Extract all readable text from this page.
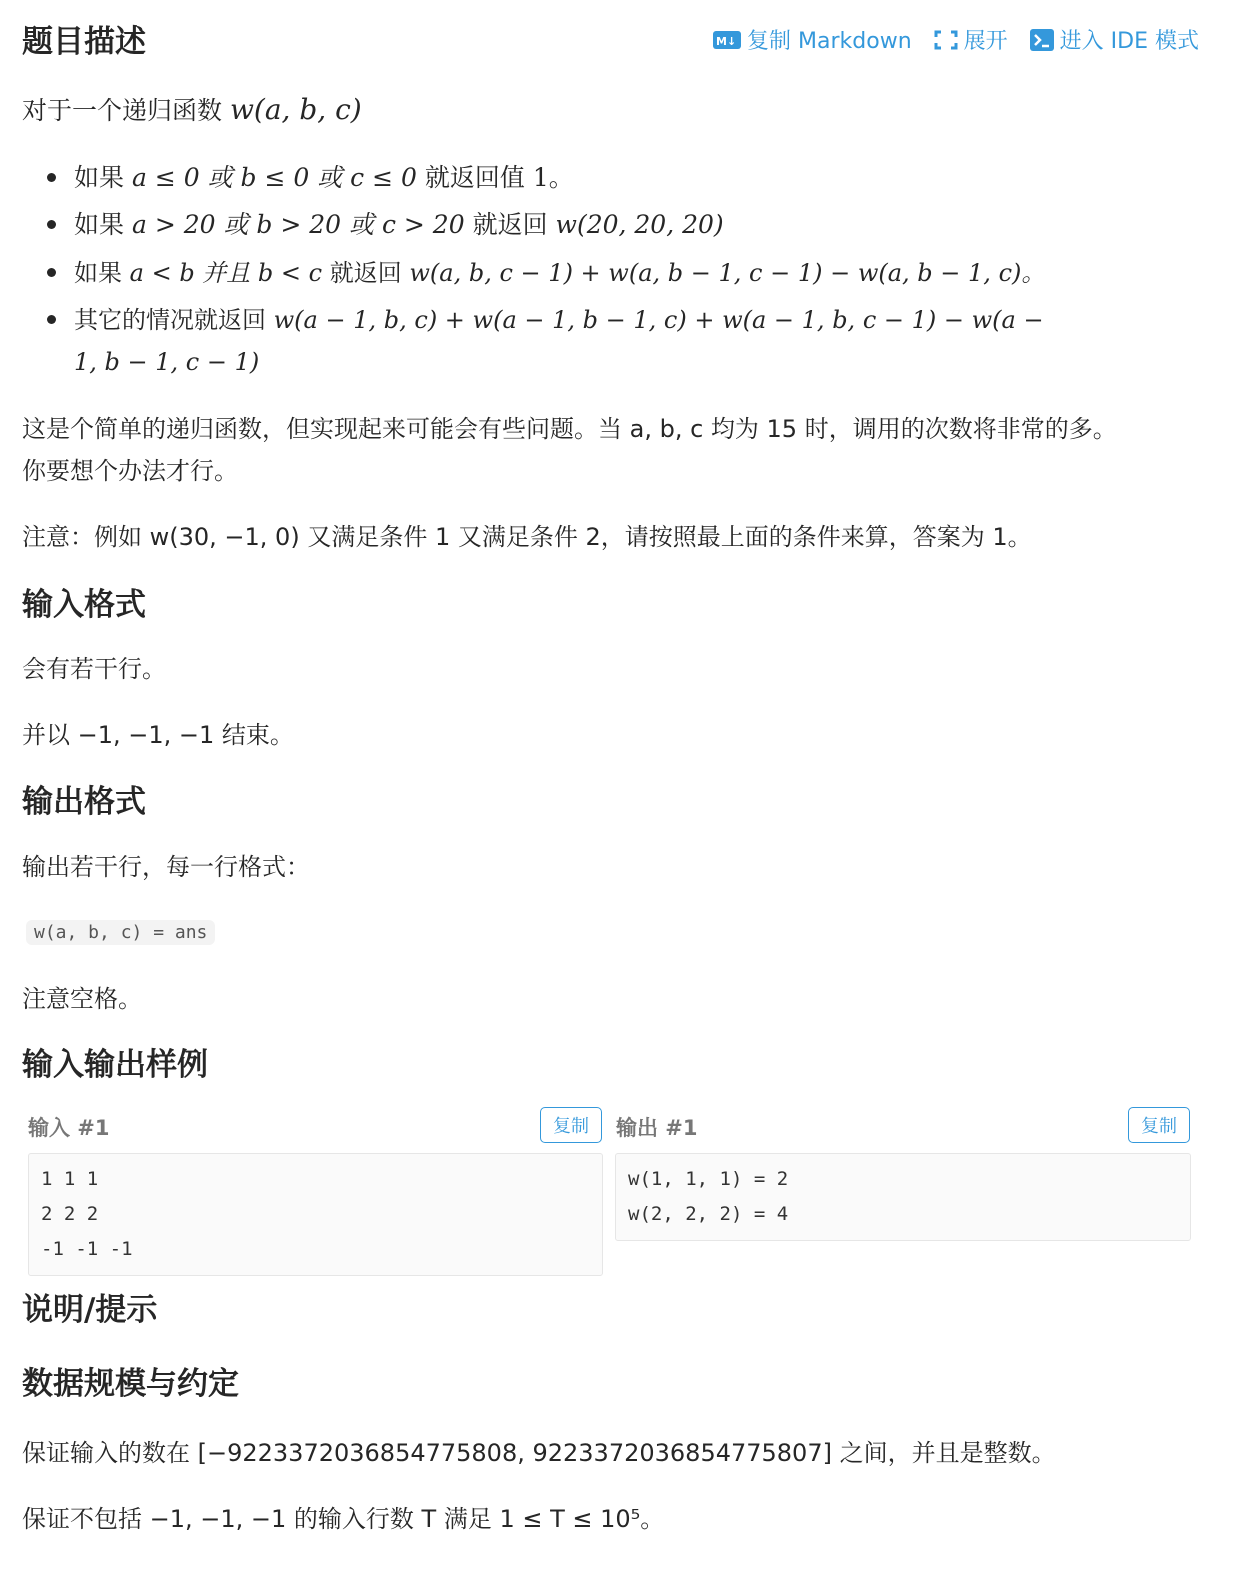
题目描述	M↓ 复制 Markdown 展开 进入 IDE 模式
对于一个递归函数 w(a, b, c)
如果 a ≤ 0 或 b ≤ 0 或 c ≤ 0 就返回值 1。
如果 a > 20 或 b > 20 或 c > 20 就返回 w(20, 20, 20)
如果 a < b 并且 b < c 就返回 w(a, b, c − 1) + w(a, b − 1, c − 1) − w(a, b − 1, c)。
其它的情况就返回 w(a − 1, b, c) + w(a − 1, b − 1, c) + w(a − 1, b, c − 1) − w(a −
1, b − 1, c − 1)
这是个简单的递归函数，但实现起来可能会有些问题。当 a, b, c 均为 15 时，调用的次数将非常的多。
你要想个办法才行。
注意：例如 w(30, −1, 0) 又满足条件 1 又满足条件 2，请按照最上面的条件来算，答案为 1。
输入格式
会有若干行。
并以 −1, −1, −1 结束。
输出格式
输出若干行，每一行格式：
w(a, b, c) = ans
注意空格。
输入输出样例
输入 #1	复制
1 1 1
2 2 2
-1 -1 -1
输出 #1	复制
w(1, 1, 1) = 2
w(2, 2, 2) = 4
说明/提示
数据规模与约定
保证输入的数在 [−9223372036854775808, 9223372036854775807] 之间，并且是整数。
保证不包括 −1, −1, −1 的输入行数 T 满足 1 ≤ T ≤ 10⁵。
